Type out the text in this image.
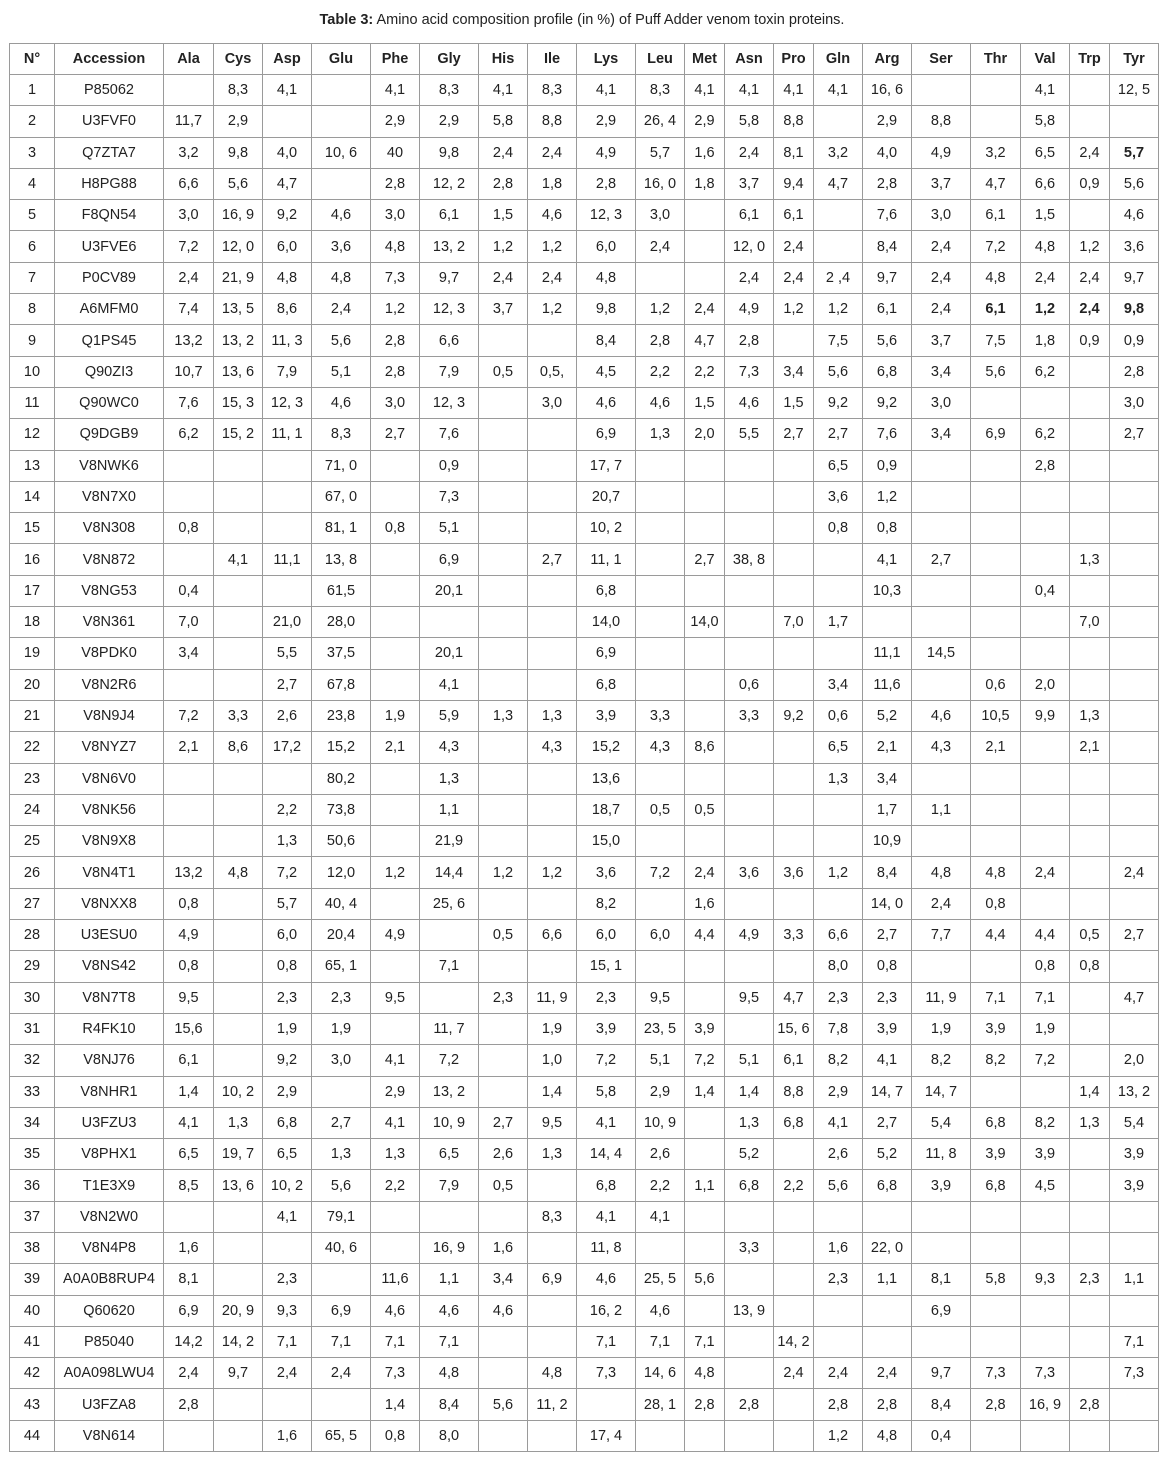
Table 3: Amino acid composition profile (in %) of Puff Adder venom toxin proteins.
N°	Accession	Ala	Cys	Asp	Glu	Phe	Gly	His	Ile	Lys	Leu	Met	Asn	Pro	Gln	Arg	Ser	Thr	Val	Trp	Tyr
1	P85062		8,3	4,1		4,1	8,3	4,1	8,3	4,1	8,3	4,1	4,1	4,1	4,1	16, 6			4,1		12, 5
2	U3FVF0	11,7	2,9			2,9	2,9	5,8	8,8	2,9	26, 4	2,9	5,8	8,8		2,9	8,8		5,8		
3	Q7ZTA7	3,2	9,8	4,0	10, 6	40	9,8	2,4	2,4	4,9	5,7	1,6	2,4	8,1	3,2	4,0	4,9	3,2	6,5	2,4	5,7
4	H8PG88	6,6	5,6	4,7		2,8	12, 2	2,8	1,8	2,8	16, 0	1,8	3,7	9,4	4,7	2,8	3,7	4,7	6,6	0,9	5,6
5	F8QN54	3,0	16, 9	9,2	4,6	3,0	6,1	1,5	4,6	12, 3	3,0		6,1	6,1		7,6	3,0	6,1	1,5		4,6
6	U3FVE6	7,2	12, 0	6,0	3,6	4,8	13, 2	1,2	1,2	6,0	2,4		12, 0	2,4		8,4	2,4	7,2	4,8	1,2	3,6
7	P0CV89	2,4	21, 9	4,8	4,8	7,3	9,7	2,4	2,4	4,8			2,4	2,4	2 ,4	9,7	2,4	4,8	2,4	2,4	9,7
8	A6MFM0	7,4	13, 5	8,6	2,4	1,2	12, 3	3,7	1,2	9,8	1,2	2,4	4,9	1,2	1,2	6,1	2,4	6,1	1,2	2,4	9,8
9	Q1PS45	13,2	13, 2	11, 3	5,6	2,8	6,6			8,4	2,8	4,7	2,8		7,5	5,6	3,7	7,5	1,8	0,9	0,9
10	Q90ZI3	10,7	13, 6	7,9	5,1	2,8	7,9	0,5	0,5,	4,5	2,2	2,2	7,3	3,4	5,6	6,8	3,4	5,6	6,2		2,8
11	Q90WC0	7,6	15, 3	12, 3	4,6	3,0	12, 3		3,0	4,6	4,6	1,5	4,6	1,5	9,2	9,2	3,0				3,0
12	Q9DGB9	6,2	15, 2	11, 1	8,3	2,7	7,6			6,9	1,3	2,0	5,5	2,7	2,7	7,6	3,4	6,9	6,2		2,7
13	V8NWK6				71, 0		0,9			17, 7					6,5	0,9			2,8		
14	V8N7X0				67, 0		7,3			20,7					3,6	1,2					
15	V8N308	0,8			81, 1	0,8	5,1			10, 2					0,8	0,8					
16	V8N872		4,1	11,1	13, 8		6,9		2,7	11, 1		2,7	38, 8			4,1	2,7			1,3	
17	V8NG53	0,4			61,5		20,1			6,8						10,3			0,4		
18	V8N361	7,0		21,0	28,0					14,0		14,0		7,0	1,7					7,0	
19	V8PDK0	3,4		5,5	37,5		20,1			6,9						11,1	14,5				
20	V8N2R6			2,7	67,8		4,1			6,8			0,6		3,4	11,6		0,6	2,0		
21	V8N9J4	7,2	3,3	2,6	23,8	1,9	5,9	1,3	1,3	3,9	3,3		3,3	9,2	0,6	5,2	4,6	10,5	9,9	1,3	
22	V8NYZ7	2,1	8,6	17,2	15,2	2,1	4,3		4,3	15,2	4,3	8,6			6,5	2,1	4,3	2,1		2,1	
23	V8N6V0				80,2		1,3			13,6					1,3	3,4					
24	V8NK56			2,2	73,8		1,1			18,7	0,5	0,5				1,7	1,1				
25	V8N9X8			1,3	50,6		21,9			15,0						10,9					
26	V8N4T1	13,2	4,8	7,2	12,0	1,2	14,4	1,2	1,2	3,6	7,2	2,4	3,6	3,6	1,2	8,4	4,8	4,8	2,4		2,4
27	V8NXX8	0,8		5,7	40, 4		25, 6			8,2		1,6				14, 0	2,4	0,8			
28	U3ESU0	4,9		6,0	20,4	4,9		0,5	6,6	6,0	6,0	4,4	4,9	3,3	6,6	2,7	7,7	4,4	4,4	0,5	2,7
29	V8NS42	0,8		0,8	65, 1		7,1			15, 1					8,0	0,8			0,8	0,8	
30	V8N7T8	9,5		2,3	2,3	9,5		2,3	11, 9	2,3	9,5		9,5	4,7	2,3	2,3	11, 9	7,1	7,1		4,7
31	R4FK10	15,6		1,9	1,9		11, 7		1,9	3,9	23, 5	3,9		15, 6	7,8	3,9	1,9	3,9	1,9		
32	V8NJ76	6,1		9,2	3,0	4,1	7,2		1,0	7,2	5,1	7,2	5,1	6,1	8,2	4,1	8,2	8,2	7,2		2,0
33	V8NHR1	1,4	10, 2	2,9		2,9	13, 2		1,4	5,8	2,9	1,4	1,4	8,8	2,9	14, 7	14, 7			1,4	13, 2
34	U3FZU3	4,1	1,3	6,8	2,7	4,1	10, 9	2,7	9,5	4,1	10, 9		1,3	6,8	4,1	2,7	5,4	6,8	8,2	1,3	5,4
35	V8PHX1	6,5	19, 7	6,5	1,3	1,3	6,5	2,6	1,3	14, 4	2,6		5,2		2,6	5,2	11, 8	3,9	3,9		3,9
36	T1E3X9	8,5	13, 6	10, 2	5,6	2,2	7,9	0,5		6,8	2,2	1,1	6,8	2,2	5,6	6,8	3,9	6,8	4,5		3,9
37	V8N2W0			4,1	79,1				8,3	4,1	4,1										
38	V8N4P8	1,6			40, 6		16, 9	1,6		11, 8			3,3		1,6	22, 0					
39	A0A0B8RUP4	8,1		2,3		11,6	1,1	3,4	6,9	4,6	25, 5	5,6			2,3	1,1	8,1	5,8	9,3	2,3	1,1
40	Q60620	6,9	20, 9	9,3	6,9	4,6	4,6	4,6		16, 2	4,6		13, 9				6,9				
41	P85040	14,2	14, 2	7,1	7,1	7,1	7,1			7,1	7,1	7,1		14, 2							7,1
42	A0A098LWU4	2,4	9,7	2,4	2,4	7,3	4,8		4,8	7,3	14, 6	4,8		2,4	2,4	2,4	9,7	7,3	7,3		7,3
43	U3FZA8	2,8				1,4	8,4	5,6	11, 2		28, 1	2,8	2,8		2,8	2,8	8,4	2,8	16, 9	2,8	
44	V8N614			1,6	65, 5	0,8	8,0			17, 4					1,2	4,8	0,4				
